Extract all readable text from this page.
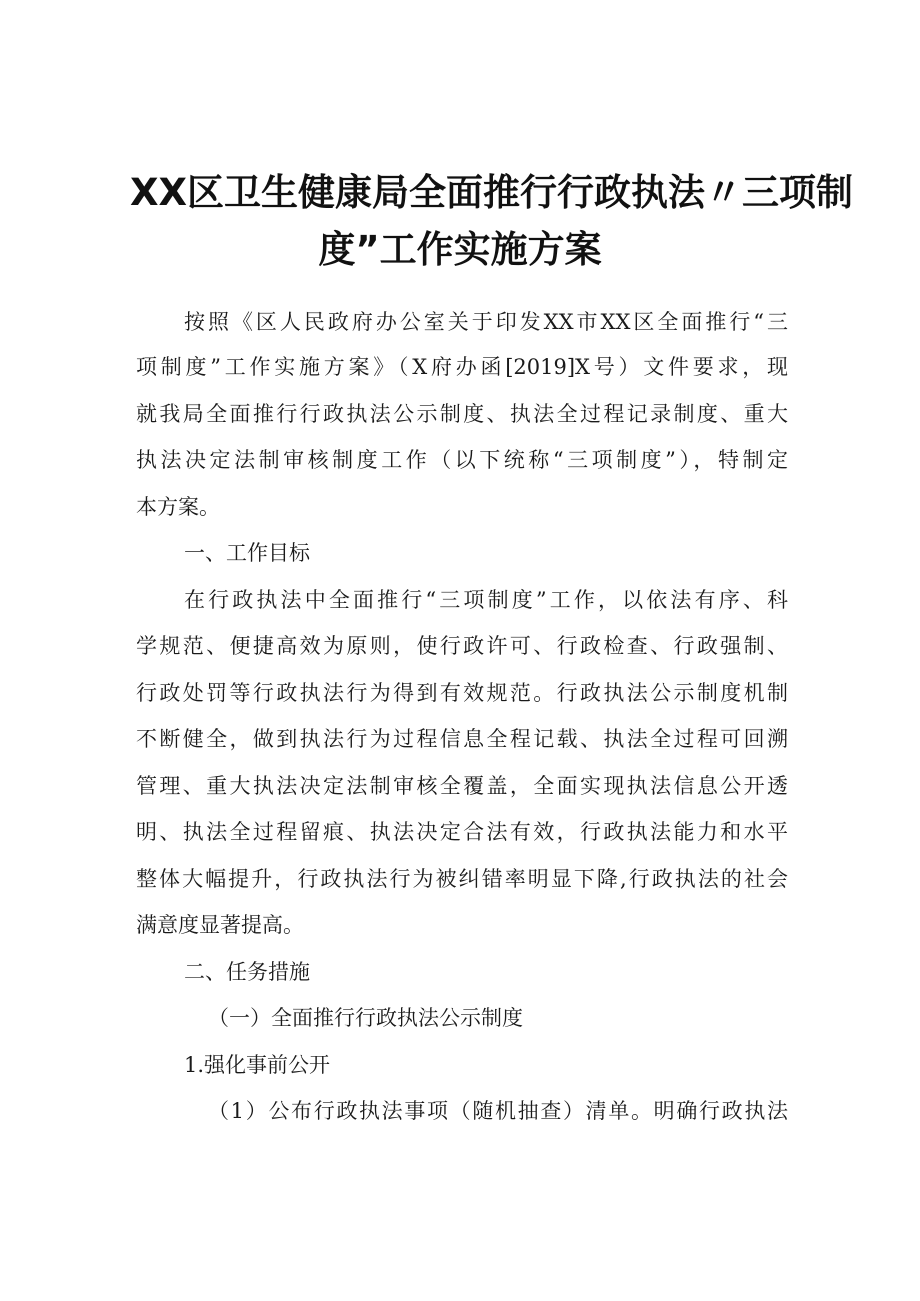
XX区卫生健康局全面推行行政执法〃三项制
度”工作实施方案
按照《区人民政府办公室关于印发XX市XX区全面推行“三
项制度”工作实施方案》（X府办函[2019]X号）文件要求，现
就我局全面推行行政执法公示制度、执法全过程记录制度、重大
执法决定法制审核制度工作（以下统称“三项制度”），特制定
本方案。
一、工作目标
在行政执法中全面推行“三项制度”工作，以依法有序、科
学规范、便捷高效为原则，使行政许可、行政检查、行政强制、
行政处罚等行政执法行为得到有效规范。行政执法公示制度机制
不断健全，做到执法行为过程信息全程记载、执法全过程可回溯
管理、重大执法决定法制审核全覆盖，全面实现执法信息公开透
明、执法全过程留痕、执法决定合法有效，行政执法能力和水平
整体大幅提升，行政执法行为被纠错率明显下降,行政执法的社会
满意度显著提高。
二、任务措施
（一）全面推行行政执法公示制度
1.强化事前公开
（1）公布行政执法事项（随机抽查）清单。明确行政执法
